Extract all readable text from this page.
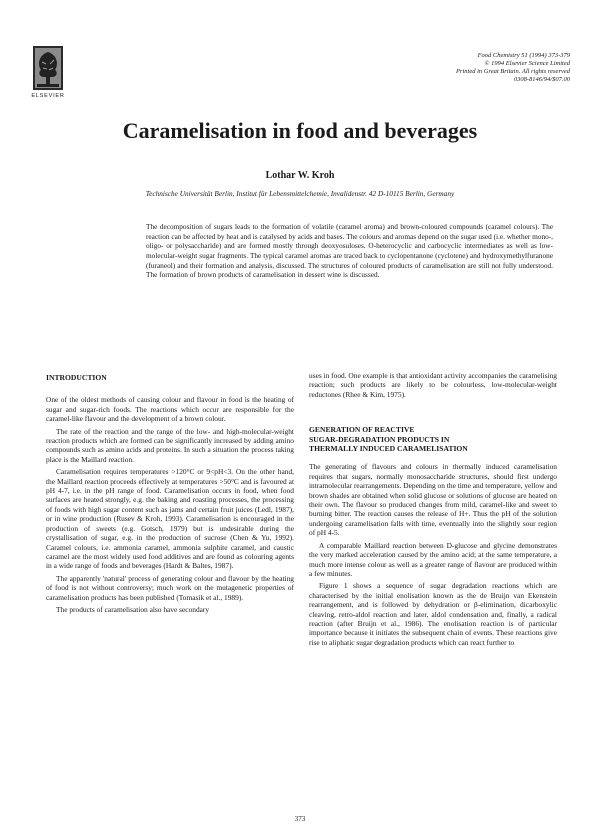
ELSEVIER
Food Chemistry 51 (1994) 373-379
© 1994 Elsevier Science Limited
Printed in Great Britain. All rights reserved
0308-8146/94/$07.00
Caramelisation in food and beverages
Lothar W. Kroh
Technische Universität Berlin, Institut für Lebensmittelchemie, Invalidenstr. 42 D-10115 Berlin, Germany

The decomposition of sugars leads to the formation of volatile (caramel aroma) and brown-coloured compounds (caramel colours). The reaction can be affected by heat and is catalysed by acids and bases. The colours and aromas depend on the sugar used (i.e. whether mono-, oligo- or polysaccharide) and are formed mostly through deoxyosuloses. O-heterocyclic and carbocyclic intermediates as well as low-molecular-weight sugar fragments. The typical caramel aromas are traced back to cyclopentanone (cyclotene) and hydroxymethylfuranone (furaneol) and their formation and analysis, discussed. The structures of coloured products of caramelisation are still not fully understood. The formation of brown products of caramelisation in dessert wine is discussed.

INTRODUCTION

One of the oldest methods of causing colour and flavour in food is the heating of sugar and sugar-rich foods. The reactions which occur are responsible for the caramel-like flavour and the development of a brown colour.

The rate of the reaction and the range of the low- and high-molecular-weight reaction products which are formed can be significantly increased by adding amino compounds such as amino acids and proteins. In such a situation the process taking place is the Maillard reaction.

Caramelisation requires temperatures >120°C or 9<pH<3. On the other hand, the Maillard reaction proceeds effectively at temperatures >50°C and is favoured at pH 4-7, i.e. in the pH range of food. Caramelisation occurs in food, when food surfaces are heated strongly, e.g. the baking and roasting processes, the processing of foods with high sugar content such as jams and certain fruit juices (Ledl, 1987), or in wine production (Rusev & Kroh, 1993). Caramelisation is encouraged in the production of sweets (e.g. Gotsch, 1979) but is undesirable during the crystallisation of sugar, e.g. in the production of sucrose (Chen & Yu, 1992). Caramel colours, i.e. ammonia caramel, ammonia sulphite caramel, and caustic caramel are the most widely used food additives and are found as colouring agents in a wide range of foods and beverages (Hardt & Baltes, 1987).

The apparently 'natural' process of generating colour and flavour by the heating of food is not without controversy; much work on the mutagenetic properties of caramelisation products has been published (Tomasik et al., 1989).

The products of caramelisation also have secondary

uses in food. One example is that antioxidant activity accompanies the caramelising reaction; such products are likely to be colourless, low-molecular-weight reductones (Rhee & Kim, 1975).

GENERATION OF REACTIVE
SUGAR-DEGRADATION PRODUCTS IN
THERMALLY INDUCED CARAMELISATION

The generating of flavours and colours in thermally induced caramelisation requires that sugars, normally monosaccharide structures, should first undergo intramolecular rearrangements. Depending on the time and temperature, yellow and brown shades are obtained when solid glucose or solutions of glucose are heated on their own. The flavour so produced changes from mild, caramel-like and sweet to burning bitter. The reaction causes the release of H+. Thus the pH of the solution undergoing caramelisation falls with time, eventually into the slightly sour region of pH 4-5.

A comparable Maillard reaction between D-glucose and glycine demonstrates the very marked acceleration caused by the amino acid; at the same temperature, a much more intense colour as well as a greater range of flavour are produced within a few minutes.

Figure 1 shows a sequence of sugar degradation reactions which are characterised by the initial enolisation known as the de Bruijn van Ekenstein rearrangement, and is followed by dehydration or β-elimination, dicarboxylic cleaving, retro-aldol reaction and later, aldol condensation and, finally, a radical reaction (after Bruijn et al., 1986). The enolisation reaction is of particular importance because it initiates the subsequent chain of events. These reactions give rise to aliphatic sugar degradation products which can react further to

373
